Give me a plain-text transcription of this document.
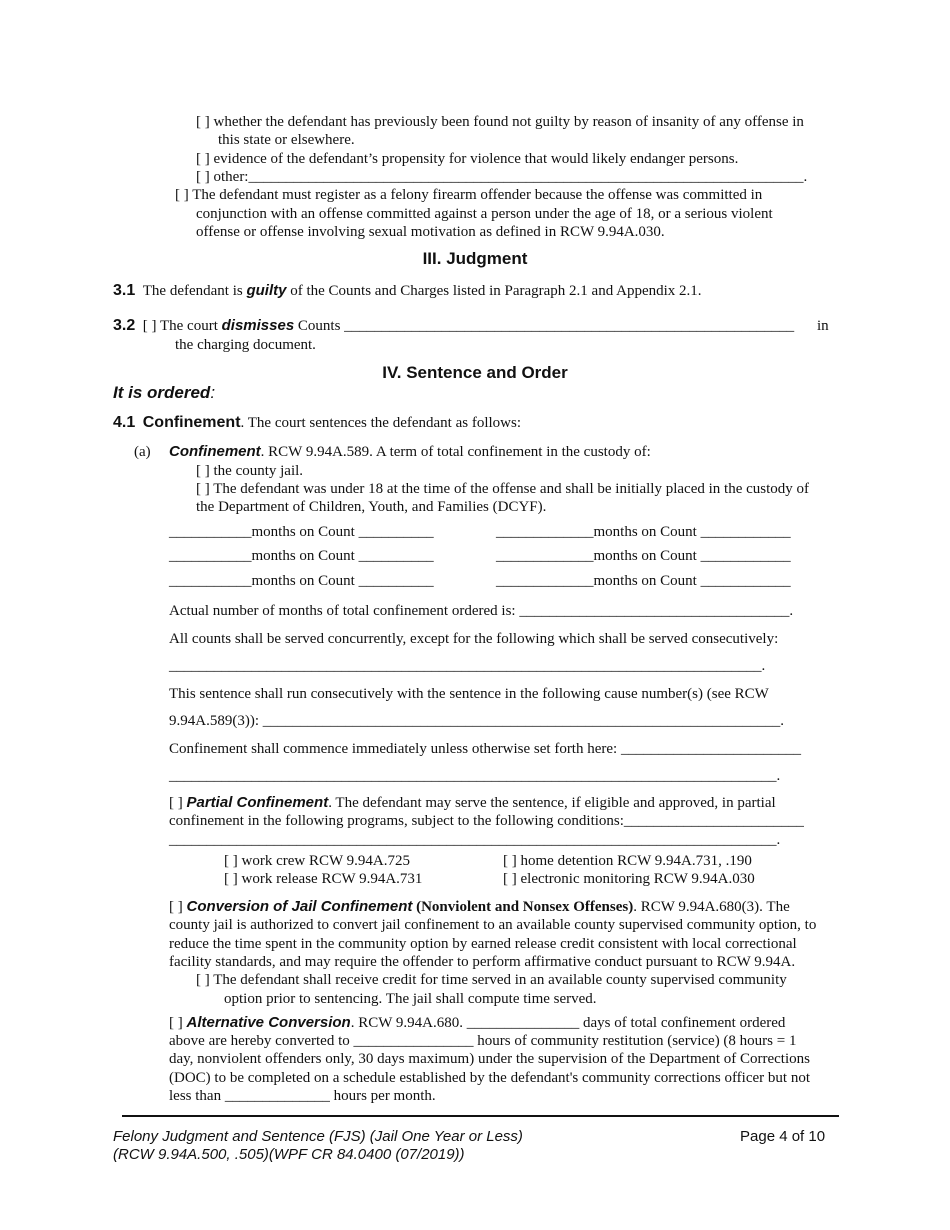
[ ] whether the defendant has previously been found not guilty by reason of insanity of any offense in
this state or elsewhere.
[ ] evidence of the defendant’s propensity for violence that would likely endanger persons.
[ ] other:__________________________________________________________________________.
[ ] The defendant must register as a felony firearm offender because the offense was committed in
conjunction with an offense committed against a person under the age of 18, or a serious violent
offense or offense involving sexual motivation as defined in RCW 9.94A.030.
III. Judgment
3.1 The defendant is guilty of the Counts and Charges listed in Paragraph 2.1 and Appendix 2.1.
3.2 [ ] The court dismisses Counts ____________________________________________________________ in
the charging document.
IV. Sentence and Order
It is ordered:
4.1 Confinement. The court sentences the defendant as follows:
(a) Confinement. RCW 9.94A.589. A term of total confinement in the custody of:
[ ] the county jail.
[ ] The defendant was under 18 at the time of the offense and shall be initially placed in the custody of
the Department of Children, Youth, and Families (DCYF).
___________months on Count __________	_____________months on Count ____________
___________months on Count __________	_____________months on Count ____________
___________months on Count __________	_____________months on Count ____________
Actual number of months of total confinement ordered is: ____________________________________.
All counts shall be served concurrently, except for the following which shall be served consecutively:
_______________________________________________________________________________.
This sentence shall run consecutively with the sentence in the following cause number(s) (see RCW
9.94A.589(3)): _____________________________________________________________________.
Confinement shall commence immediately unless otherwise set forth here: ________________________
_________________________________________________________________________________.
[ ] Partial Confinement. The defendant may serve the sentence, if eligible and approved, in partial
confinement in the following programs, subject to the following conditions:________________________
_________________________________________________________________________________.
[ ] work crew RCW 9.94A.725	[ ] home detention RCW 9.94A.731, .190
[ ] work release RCW 9.94A.731	[ ] electronic monitoring RCW 9.94A.030
[ ] Conversion of Jail Confinement (Nonviolent and Nonsex Offenses). RCW 9.94A.680(3). The
county jail is authorized to convert jail confinement to an available county supervised community option, to
reduce the time spent in the community option by earned release credit consistent with local correctional
facility standards, and may require the offender to perform affirmative conduct pursuant to RCW 9.94A.
[ ] The defendant shall receive credit for time served in an available county supervised community
option prior to sentencing. The jail shall compute time served.
[ ] Alternative Conversion. RCW 9.94A.680. _______________ days of total confinement ordered
above are hereby converted to ________________ hours of community restitution (service) (8 hours = 1
day, nonviolent offenders only, 30 days maximum) under the supervision of the Department of Corrections
(DOC) to be completed on a schedule established by the defendant's community corrections officer but not
less than ______________ hours per month.
Felony Judgment and Sentence (FJS) (Jail One Year or Less)
(RCW 9.94A.500, .505)(WPF CR 84.0400 (07/2019))
Page 4 of 10
